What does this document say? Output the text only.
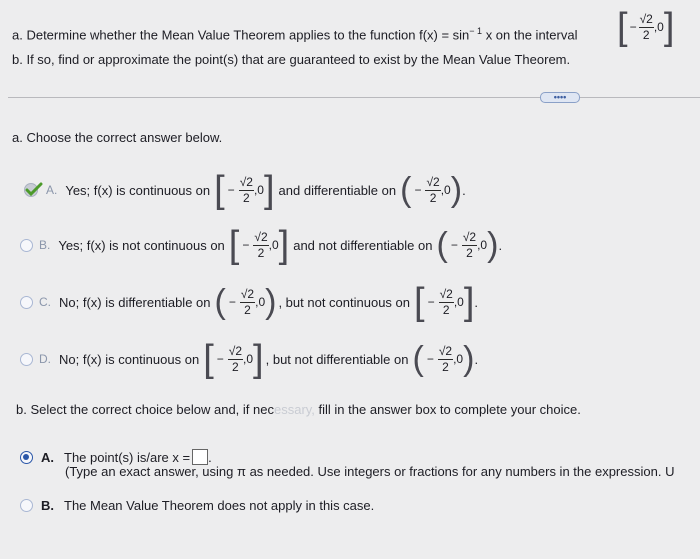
a. Determine whether the Mean Value Theorem applies to the function $f(x) = \sin^{- 1} x$ on the interval [ − $\frac{√2}{2} ,0$ ]
b. If so, find or approximate the point(s) that are guaranteed to exist by the Mean Value Theorem.
••••
a. Choose the correct answer below.
A. Yes; f(x) is continuous on [ − $\frac{√2}{2} ,0$ ] and differentiable on ( − $\frac{√2}{2} ,0$ ) .
B. Yes; f(x) is not continuous on [ − $\frac{√2}{2} ,0$ ] and not differentiable on ( − $\frac{√2}{2} ,0$ ) .
C. No; f(x) is differentiable on ( − $\frac{√2}{2} ,0$ ) , but not continuous on [ − $\frac{√2}{2} ,0$ ] .
D. No; f(x) is continuous on [ − $\frac{√2}{2} ,0$ ] , but not differentiable on ( − $\frac{√2}{2} ,0$ ) .
b. Select the correct choice below and, if necessary, fill in the answer box to complete your choice.
A. The point(s) is/are x = .
(Type an exact answer, using π as needed. Use integers or fractions for any numbers in the expression. U
B. The Mean Value Theorem does not apply in this case.
